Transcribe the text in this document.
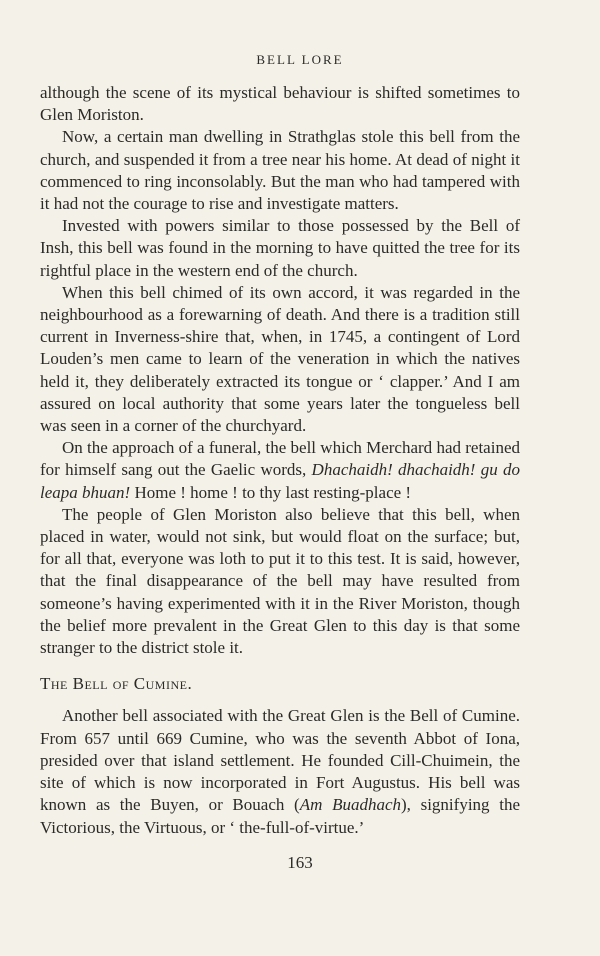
BELL LORE

although the scene of its mystical behaviour is shifted sometimes to Glen Moriston.

Now, a certain man dwelling in Strathglas stole this bell from the church, and suspended it from a tree near his home. At dead of night it commenced to ring inconsolably. But the man who had tampered with it had not the courage to rise and investigate matters.

Invested with powers similar to those possessed by the Bell of Insh, this bell was found in the morning to have quitted the tree for its rightful place in the western end of the church.

When this bell chimed of its own accord, it was regarded in the neighbourhood as a forewarning of death. And there is a tradition still current in Inverness-shire that, when, in 1745, a contingent of Lord Louden’s men came to learn of the veneration in which the natives held it, they deliberately extracted its tongue or ‘ clapper.’ And I am assured on local authority that some years later the tongueless bell was seen in a corner of the churchyard.

On the approach of a funeral, the bell which Merchard had retained for himself sang out the Gaelic words, Dhachaidh! dhachaidh! gu do leapa bhuan! Home ! home ! to thy last resting-place !

The people of Glen Moriston also believe that this bell, when placed in water, would not sink, but would float on the surface; but, for all that, everyone was loth to put it to this test. It is said, however, that the final disappearance of the bell may have resulted from someone’s having experimented with it in the River Moriston, though the belief more prevalent in the Great Glen to this day is that some stranger to the district stole it.

The Bell of Cumine.

Another bell associated with the Great Glen is the Bell of Cumine. From 657 until 669 Cumine, who was the seventh Abbot of Iona, presided over that island settlement. He founded Cill-Chuimein, the site of which is now incorporated in Fort Augustus. His bell was known as the Buyen, or Bouach (Am Buadhach), signifying the Victorious, the Virtuous, or ‘ the-full-of-virtue.’

163
